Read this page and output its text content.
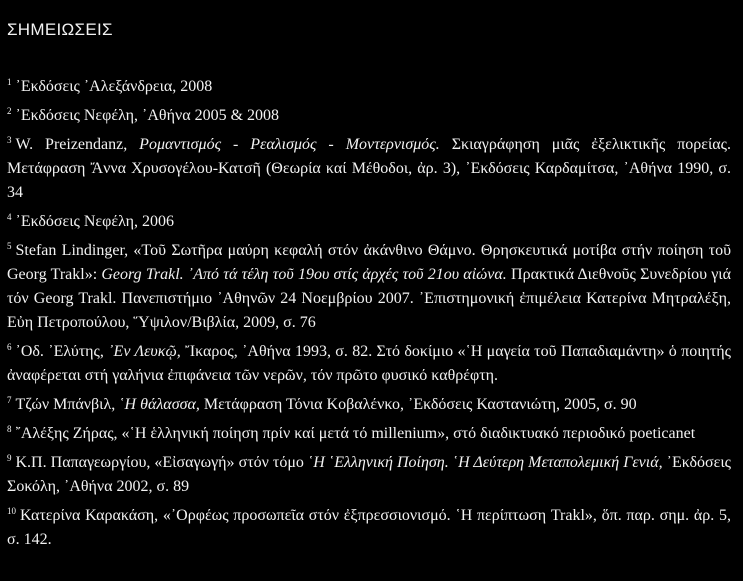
ΣΗΜΕΙΩΣΕΙΣ

$^1$ ᾿Εκδόσεις ᾿Αλεξάνδρεια, 2008

$^2$ ᾿Εκδόσεις Νεφέλη, ᾿Αθήνα 2005 & 2008

$^3$ W. Preizendanz, Ρομαντισμός - Ρεαλισμός - Μοντερνισμός. Σκιαγράφηση μιᾶς ἐξελικτικῆς πορείας. Μετάφραση Ἄννα Χρυσογέλου-Κατσῆ (Θεωρία καί Μέθοδοι, ἀρ. 3), ᾿Εκδόσεις Καρδαμίτσα, ᾿Αθήνα 1990, σ. 34

$^4$ ᾿Εκδόσεις Νεφέλη, 2006

$^5$ Stefan Lindinger, «Τοῦ Σωτῆρα μαύρη κεφαλή στόν ἀκάνθινο Θάμνο. Θρησκευτικά μοτίβα στήν ποίηση τοῦ Georg Trakl»: Georg Trakl. ᾿Από τά τέλη τοῦ 19ου στίς ἀρχές τοῦ 21ου αἰώνα. Πρακτικά Διεθνοῦς Συνεδρίου γιά τόν Georg Trakl. Πανεπιστήμιο ᾿Αθηνῶν 24 Νοεμβρίου 2007. ᾿Επιστημονική ἐπιμέλεια Κατερίνα Μητραλέξη, Εὐη Πετροπούλου, Ὕψιλον/Βιβλία, 2009, σ. 76

$^6$ ᾿Οδ. ᾿Ελύτης, ᾿Εν Λευκῷ, Ἴκαρος, ᾿Αθήνα 1993, σ. 82. Στό δοκίμιο «῾Η μαγεία τοῦ Παπαδιαμάντη» ὁ ποιητής ἀναφέρεται στή γαλήνια ἐπιφάνεια τῶν νερῶν, τόν πρῶτο φυσικό καθρέφτη.

$^7$ Τζών Μπάνβιλ, ῾Η θάλασσα, Μετάφραση Τόνια Κοβαλένκο, ᾿Εκδόσεις Καστανιώτη, 2005, σ. 90

$^8$ ῎Αλέξης Ζήρας, «῾Η ἑλληνική ποίηση πρίν καί μετά τό millenium», στό διαδικτυακό περιοδικό poeticanet

$^9$ Κ.Π. Παπαγεωργίου, «Εἰσαγωγή» στόν τόμο ῾Η ῾Ελληνική Ποίηση. ῾Η Δεύτερη Μεταπολεμική Γενιά, ᾿Εκδόσεις Σοκόλη, ᾿Αθήνα 2002, σ. 89

$^{10}$ Κατερίνα Καρακάση, «᾿Ορφέως προσωπεῖα στόν ἐξπρεσσιονισμό. ῾Η περίπτωση Trakl», ὅπ. παρ. σημ. ἀρ. 5, σ. 142.
